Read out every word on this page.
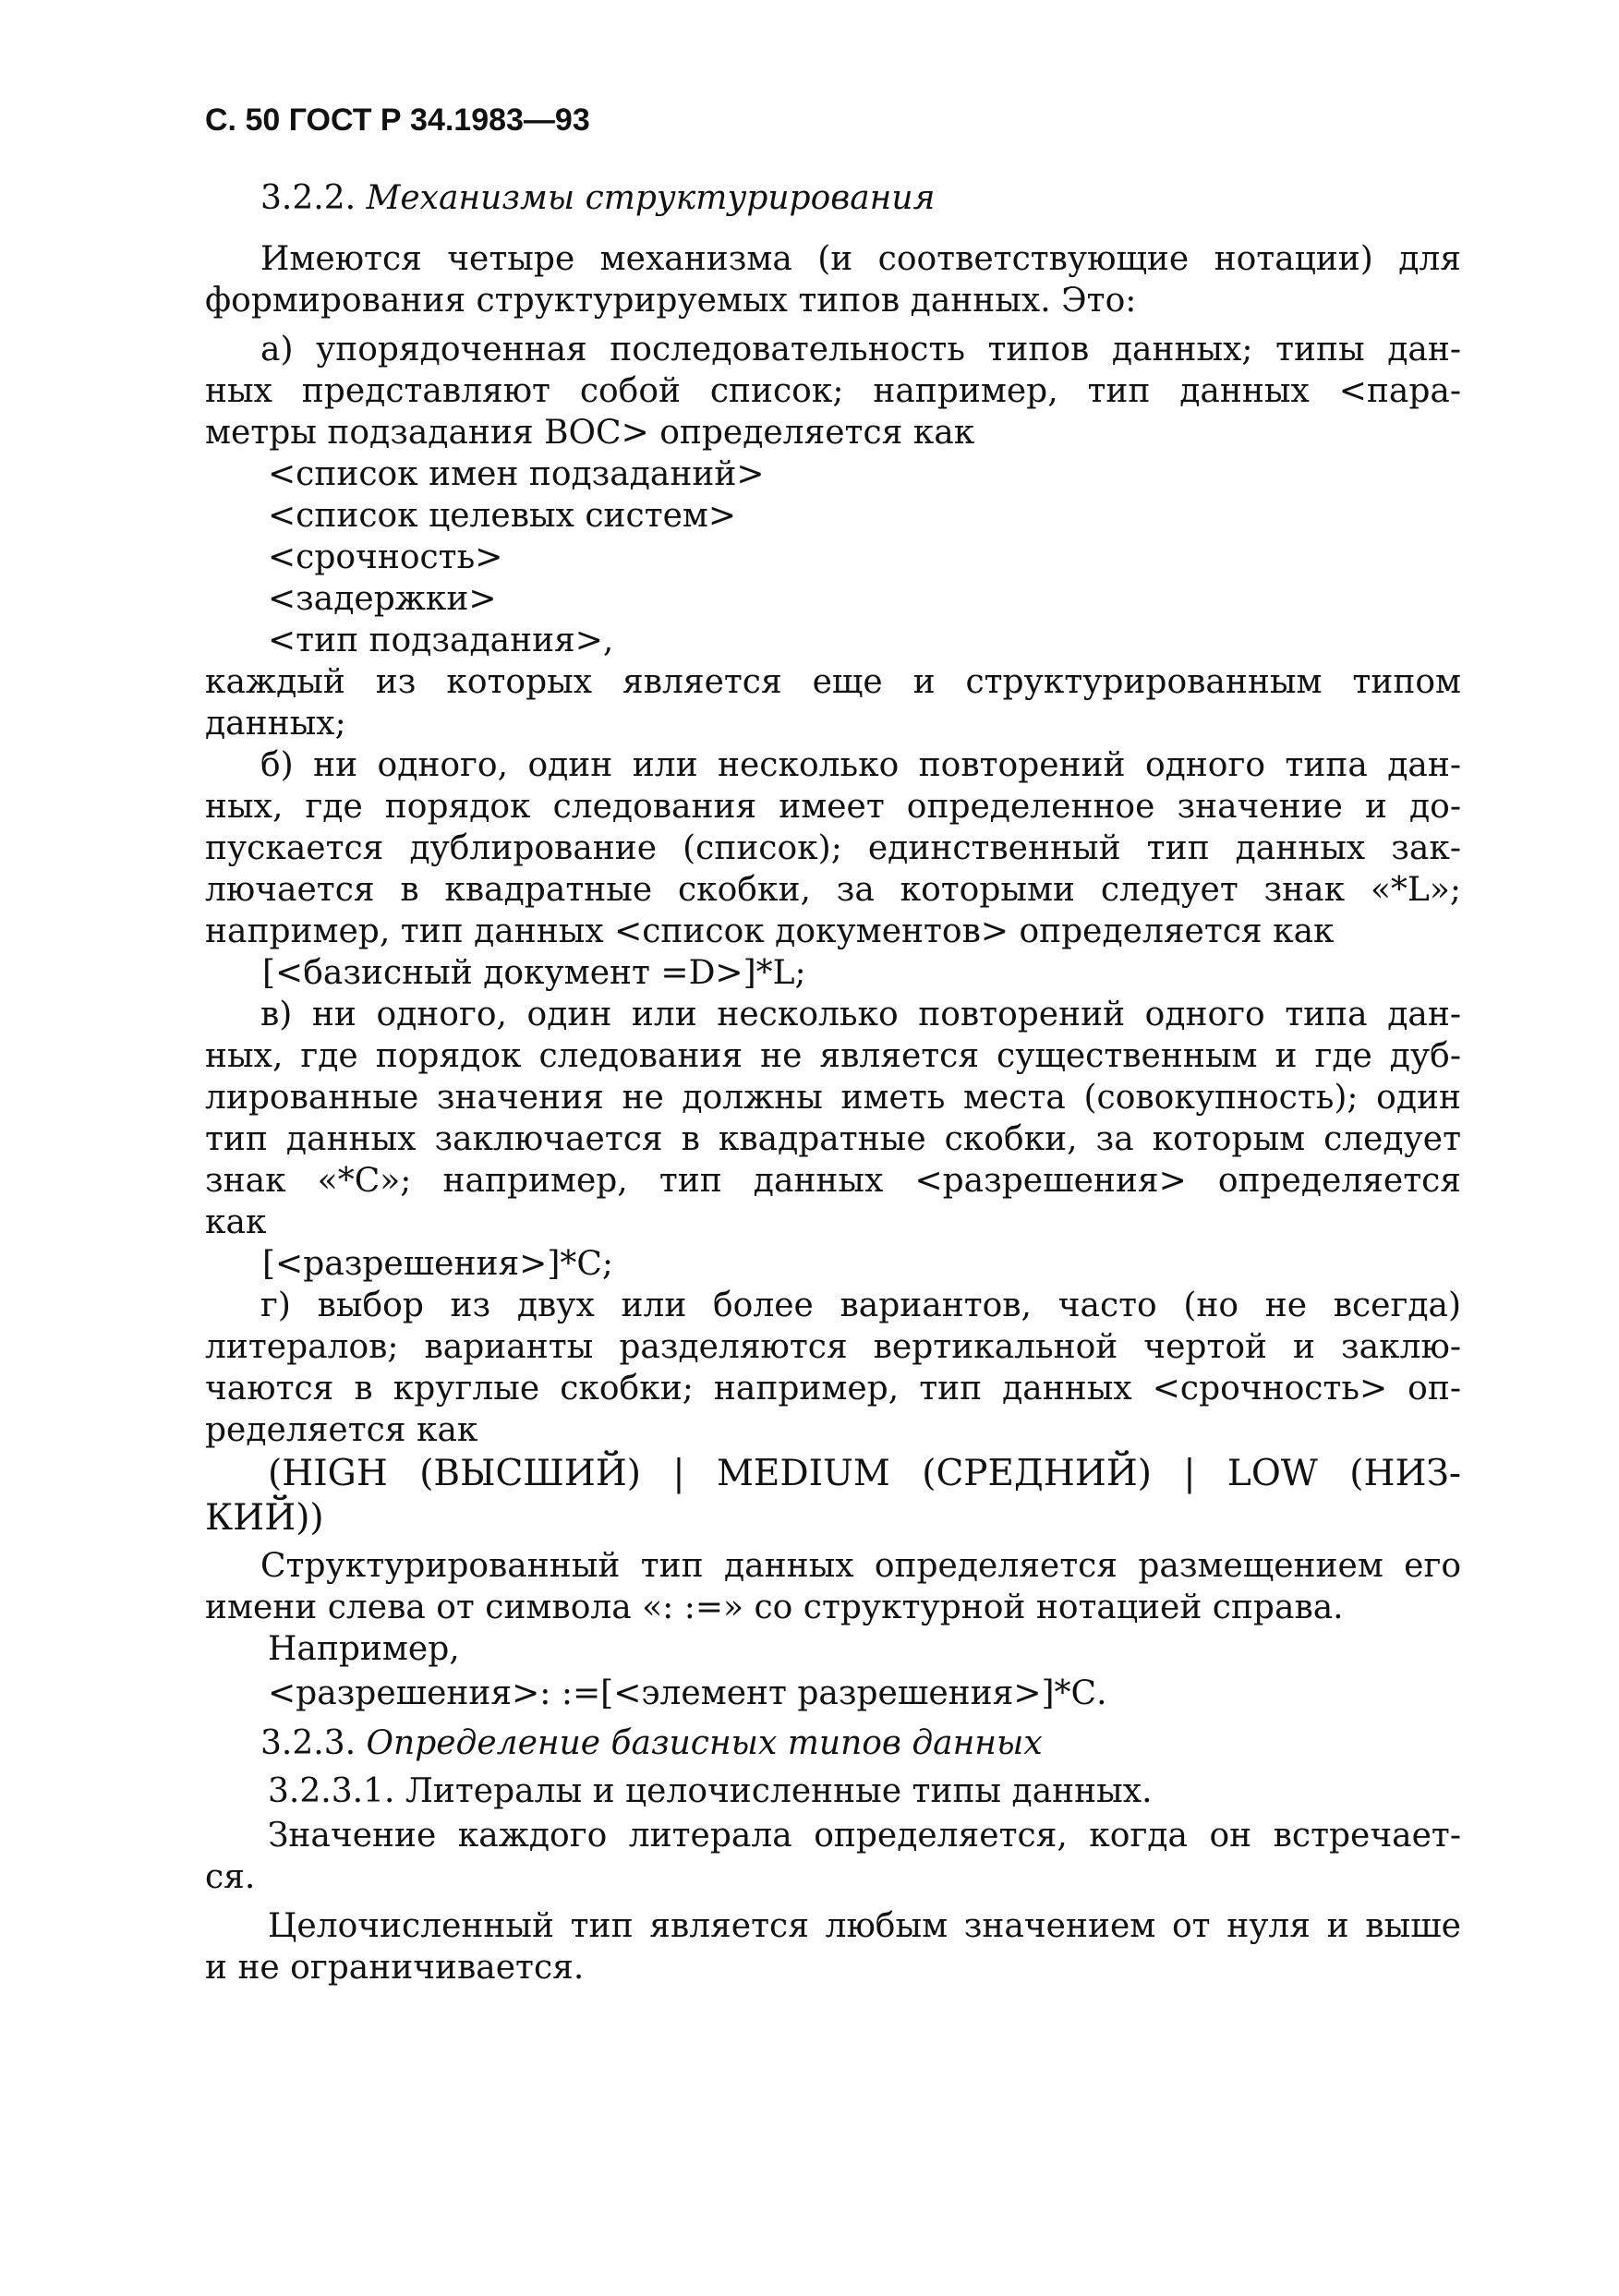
С. 50 ГОСТ Р 34.1983—93
3.2.2. Механизмы структурирования
Имеются четыре механизма (и соответствующие нотации) для
формирования структурируемых типов данных. Это:
а) упорядоченная последовательность типов данных; типы дан-
ных представляют собой список; например, тип данных <пара-
метры подзадания ВОС> определяется как
<список имен подзаданий>
<список целевых систем>
<срочность>
<задержки>
<тип подзадания>,
каждый из которых является еще и структурированным типом
данных;
б) ни одного, один или несколько повторений одного типа дан-
ных, где порядок следования имеет определенное значение и до-
пускается дублирование (список); единственный тип данных зак-
лючается в квадратные скобки, за которыми следует знак «*L»;
например, тип данных <список документов> определяется как
[<базисный документ =D>]*L;
в) ни одного, один или несколько повторений одного типа дан-
ных, где порядок следования не является существенным и где дуб-
лированные значения не должны иметь места (совокупность); один
тип данных заключается в квадратные скобки, за которым следует
знак «*С»; например, тип данных <разрешения> определяется
как
[<разрешения>]*С;
г) выбор из двух или более вариантов, часто (но не всегда)
литералов; варианты разделяются вертикальной чертой и заклю-
чаются в круглые скобки; например, тип данных <срочность> оп-
ределяется как
(HIGH (ВЫСШИЙ) | MEDIUM (СРЕДНИЙ) | LOW (НИЗ-
КИЙ))
Структурированный тип данных определяется размещением его
имени слева от символа «: :=» со структурной нотацией справа.
Например,
<разрешения>: :=[<элемент разрешения>]*С.
3.2.3. Определение базисных типов данных
3.2.3.1. Литералы и целочисленные типы данных.
Значение каждого литерала определяется, когда он встречает-
ся.
Целочисленный тип является любым значением от нуля и выше
и не ограничивается.
